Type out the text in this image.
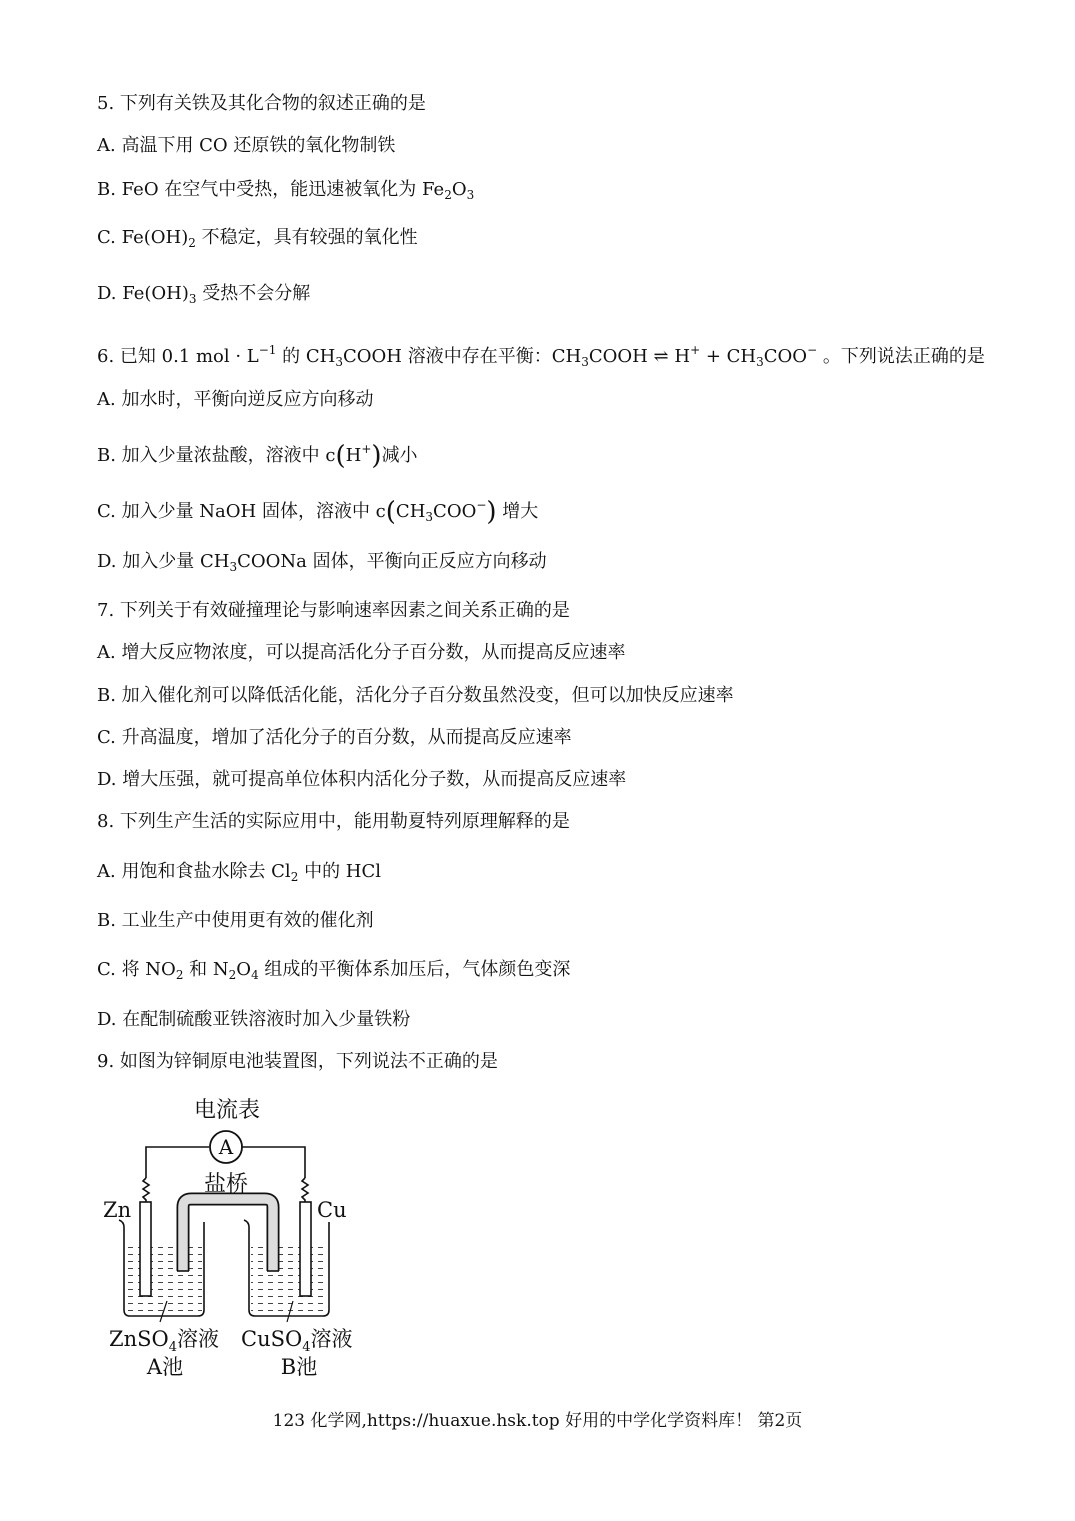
5. 下列有关铁及其化合物的叙述正确的是
A. 高温下用 CO 还原铁的氧化物制铁
B. FeO 在空气中受热，能迅速被氧化为 $Fe_2O_3$
C. $Fe(OH)_2$ 不稳定，具有较强的氧化性
D. $Fe(OH)_3$ 受热不会分解
6. 已知 0.1 mol · $L^{-1}$ 的 $CH_3COOH$ 溶液中存在平衡：$CH_3COOH$ ⇌ $H^+ + CH_3COO^-$ 。下列说法正确的是
A. 加水时，平衡向逆反应方向移动
B. 加入少量浓盐酸，溶液中 c(H+)减小
C. 加入少量 NaOH 固体，溶液中 $c(CH_3COO^-)$ 增大
D. 加入少量 $CH_3COONa$ 固体，平衡向正反应方向移动
7. 下列关于有效碰撞理论与影响速率因素之间关系正确的是
A. 增大反应物浓度，可以提高活化分子百分数，从而提高反应速率
B. 加入催化剂可以降低活化能，活化分子百分数虽然没变，但可以加快反应速率
C. 升高温度，增加了活化分子的百分数，从而提高反应速率
D. 增大压强，就可提高单位体积内活化分子数，从而提高反应速率
8. 下列生产生活的实际应用中，能用勒夏特列原理解释的是
A. 用饱和食盐水除去 $Cl_2$ 中的 HCl
B. 工业生产中使用更有效的催化剂
C. 将 $NO_2$ 和 $N_2O_4$ 组成的平衡体系加压后，气体颜色变深
D. 在配制硫酸亚铁溶液时加入少量铁粉
9. 如图为锌铜原电池装置图，下列说法不正确的是
电流表
A
盐桥
Zn	Cu
ZnSO$_4$溶液 CuSO$_4$溶液
A池	B池
123 化学网,https://huaxue.hsk.top 好用的中学化学资料库！ 第2页
